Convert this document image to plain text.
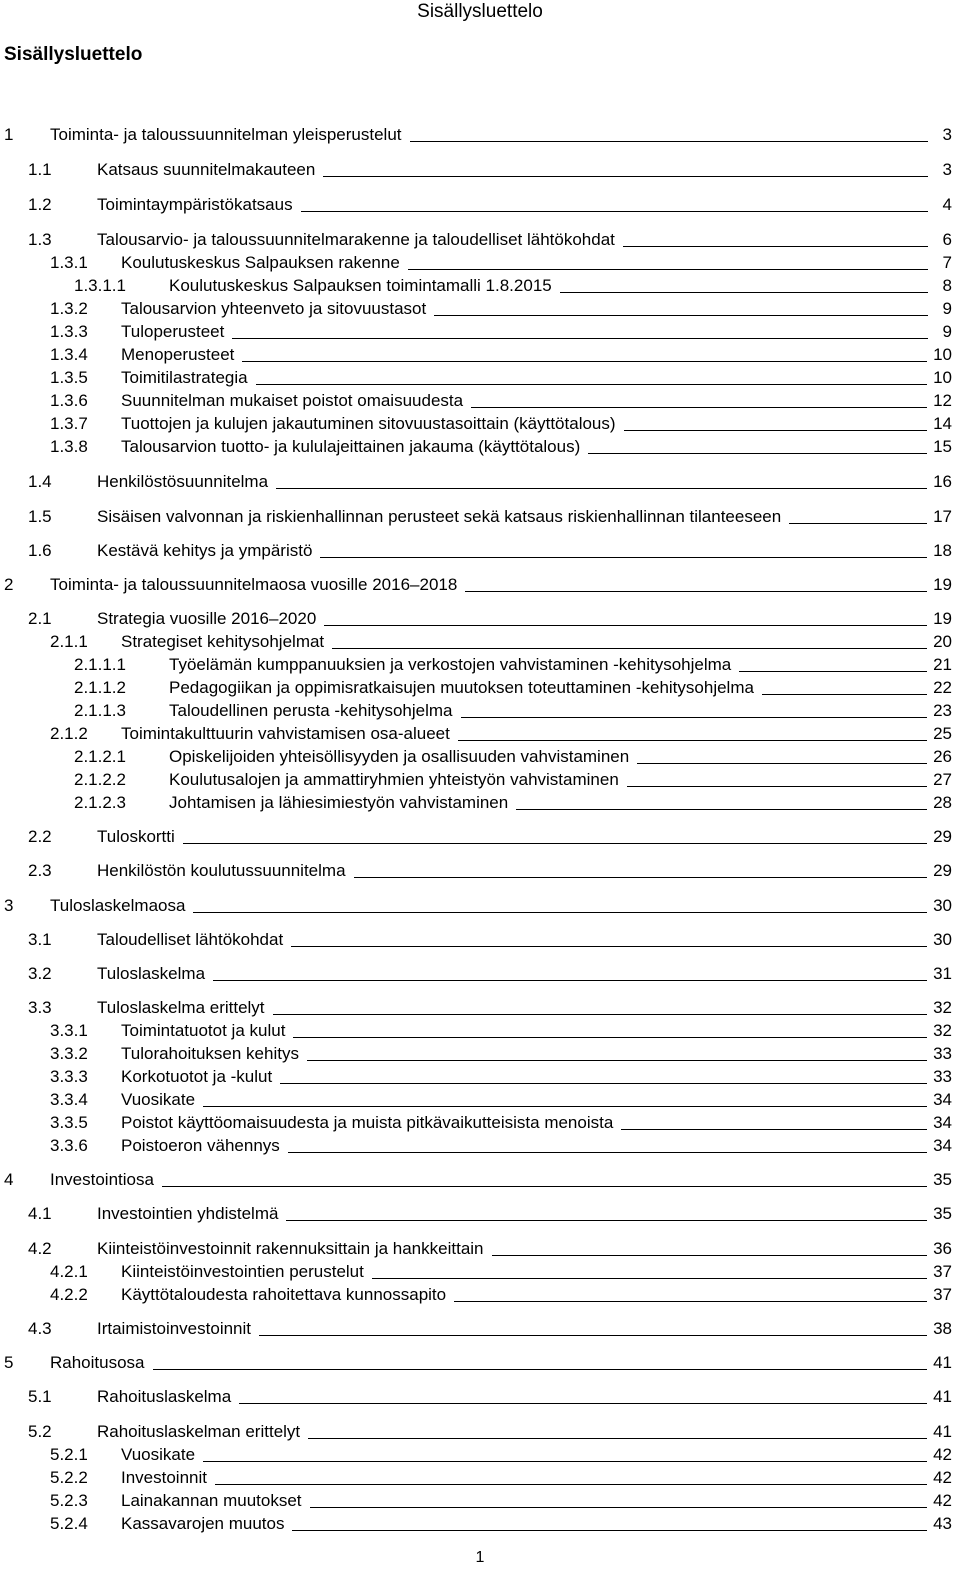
Sisällysluettelo
Sisällysluettelo
1	Toiminta- ja taloussuunnitelman yleisperustelut	3
1.1	Katsaus suunnitelmakauteen	3
1.2	Toimintaympäristökatsaus	4
1.3	Talousarvio- ja taloussuunnitelmarakenne ja taloudelliset lähtökohdat	6
1.3.1	Koulutuskeskus Salpauksen rakenne	7
1.3.1.1	Koulutuskeskus Salpauksen toimintamalli 1.8.2015	8
1.3.2	Talousarvion yhteenveto ja sitovuustasot	9
1.3.3	Tuloperusteet	9
1.3.4	Menoperusteet	10
1.3.5	Toimitilastrategia	10
1.3.6	Suunnitelman mukaiset poistot omaisuudesta	12
1.3.7	Tuottojen ja kulujen jakautuminen sitovuustasoittain (käyttötalous)	14
1.3.8	Talousarvion tuotto- ja kululajeittainen jakauma (käyttötalous)	15
1.4	Henkilöstösuunnitelma	16
1.5	Sisäisen valvonnan ja riskienhallinnan perusteet sekä katsaus riskienhallinnan tilanteeseen	17
1.6	Kestävä kehitys ja ympäristö	18
2	Toiminta- ja taloussuunnitelmaosa vuosille 2016–2018	19
2.1	Strategia vuosille 2016–2020	19
2.1.1	Strategiset kehitysohjelmat	20
2.1.1.1	Työelämän kumppanuuksien ja verkostojen vahvistaminen -kehitysohjelma	21
2.1.1.2	Pedagogiikan ja oppimisratkaisujen muutoksen toteuttaminen -kehitysohjelma	22
2.1.1.3	Taloudellinen perusta -kehitysohjelma	23
2.1.2	Toimintakulttuurin vahvistamisen osa-alueet	25
2.1.2.1	Opiskelijoiden yhteisöllisyyden ja osallisuuden vahvistaminen	26
2.1.2.2	Koulutusalojen ja ammattiryhmien yhteistyön vahvistaminen	27
2.1.2.3	Johtamisen ja lähiesimiestyön vahvistaminen	28
2.2	Tuloskortti	29
2.3	Henkilöstön koulutussuunnitelma	29
3	Tuloslaskelmaosa	30
3.1	Taloudelliset lähtökohdat	30
3.2	Tuloslaskelma	31
3.3	Tuloslaskelma erittelyt	32
3.3.1	Toimintatuotot ja kulut	32
3.3.2	Tulorahoituksen kehitys	33
3.3.3	Korkotuotot ja -kulut	33
3.3.4	Vuosikate	34
3.3.5	Poistot käyttöomaisuudesta ja muista pitkävaikutteisista menoista	34
3.3.6	Poistoeron vähennys	34
4	Investointiosa	35
4.1	Investointien yhdistelmä	35
4.2	Kiinteistöinvestoinnit rakennuksittain ja hankkeittain	36
4.2.1	Kiinteistöinvestointien perustelut	37
4.2.2	Käyttötaloudesta rahoitettava kunnossapito	37
4.3	Irtaimistoinvestoinnit	38
5	Rahoitusosa	41
5.1	Rahoituslaskelma	41
5.2	Rahoituslaskelman erittelyt	41
5.2.1	Vuosikate	42
5.2.2	Investoinnit	42
5.2.3	Lainakannan muutokset	42
5.2.4	Kassavarojen muutos	43
1
